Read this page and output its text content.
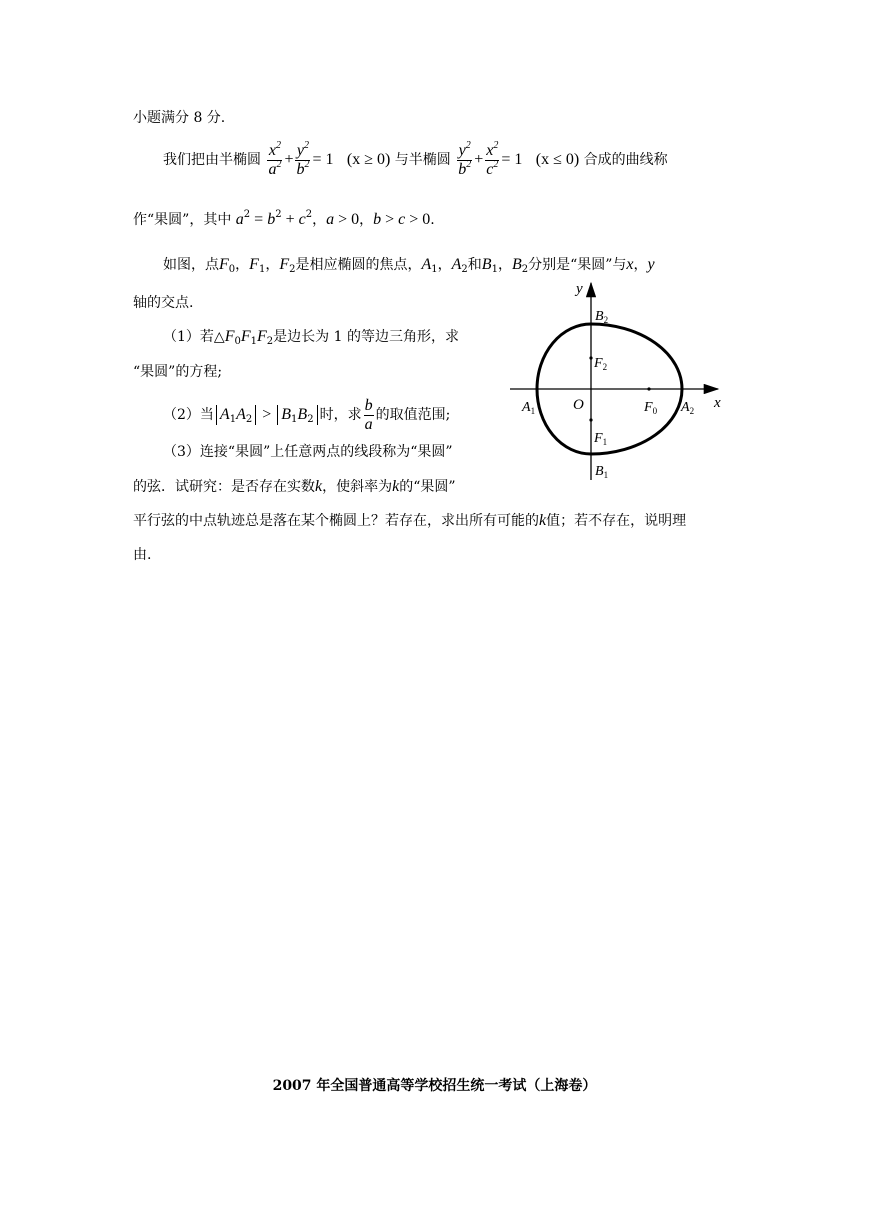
小题满分 8 分.
我们把由半椭圆 $\frac{x^2}{a^2} + \frac{y^2}{b^2} = 1$ (x ≥ 0) 与半椭圆 $\frac{y^2}{b^2} + \frac{x^2}{c^2} = 1$ (x ≤ 0) 合成的曲线称
作“果圆”，其中 $a^2 = b^2 + c^2$，a > 0，b > c > 0.
如图，点$F_0$，$F_1$，$F_2$是相应椭圆的焦点，$A_1$，$A_2$和$B_1$，$B_2$分别是“果圆”与x，y
轴的交点.
（1）若$\triangle F_0F_1F_2$是边长为 1 的等边三角形，求
“果圆”的方程;
（2）当 $A_1A_2 > B_1B_2$ 时，求 $\frac{b}{a}$ 的取值范围;
（3）连接“果圆”上任意两点的线段称为“果圆”
的弦．试研究：是否存在实数k，使斜率为k的“果圆”
平行弦的中点轨迹总是落在某个椭圆上？若存在，求出所有可能的k值；若不存在，说明理
由.
y
x
O
$B_2$
$F_2$
$A_1$	$F_0$ $A_2$
$F_1$
$B_1$
2007 年全国普通高等学校招生统一考试（上海卷）
